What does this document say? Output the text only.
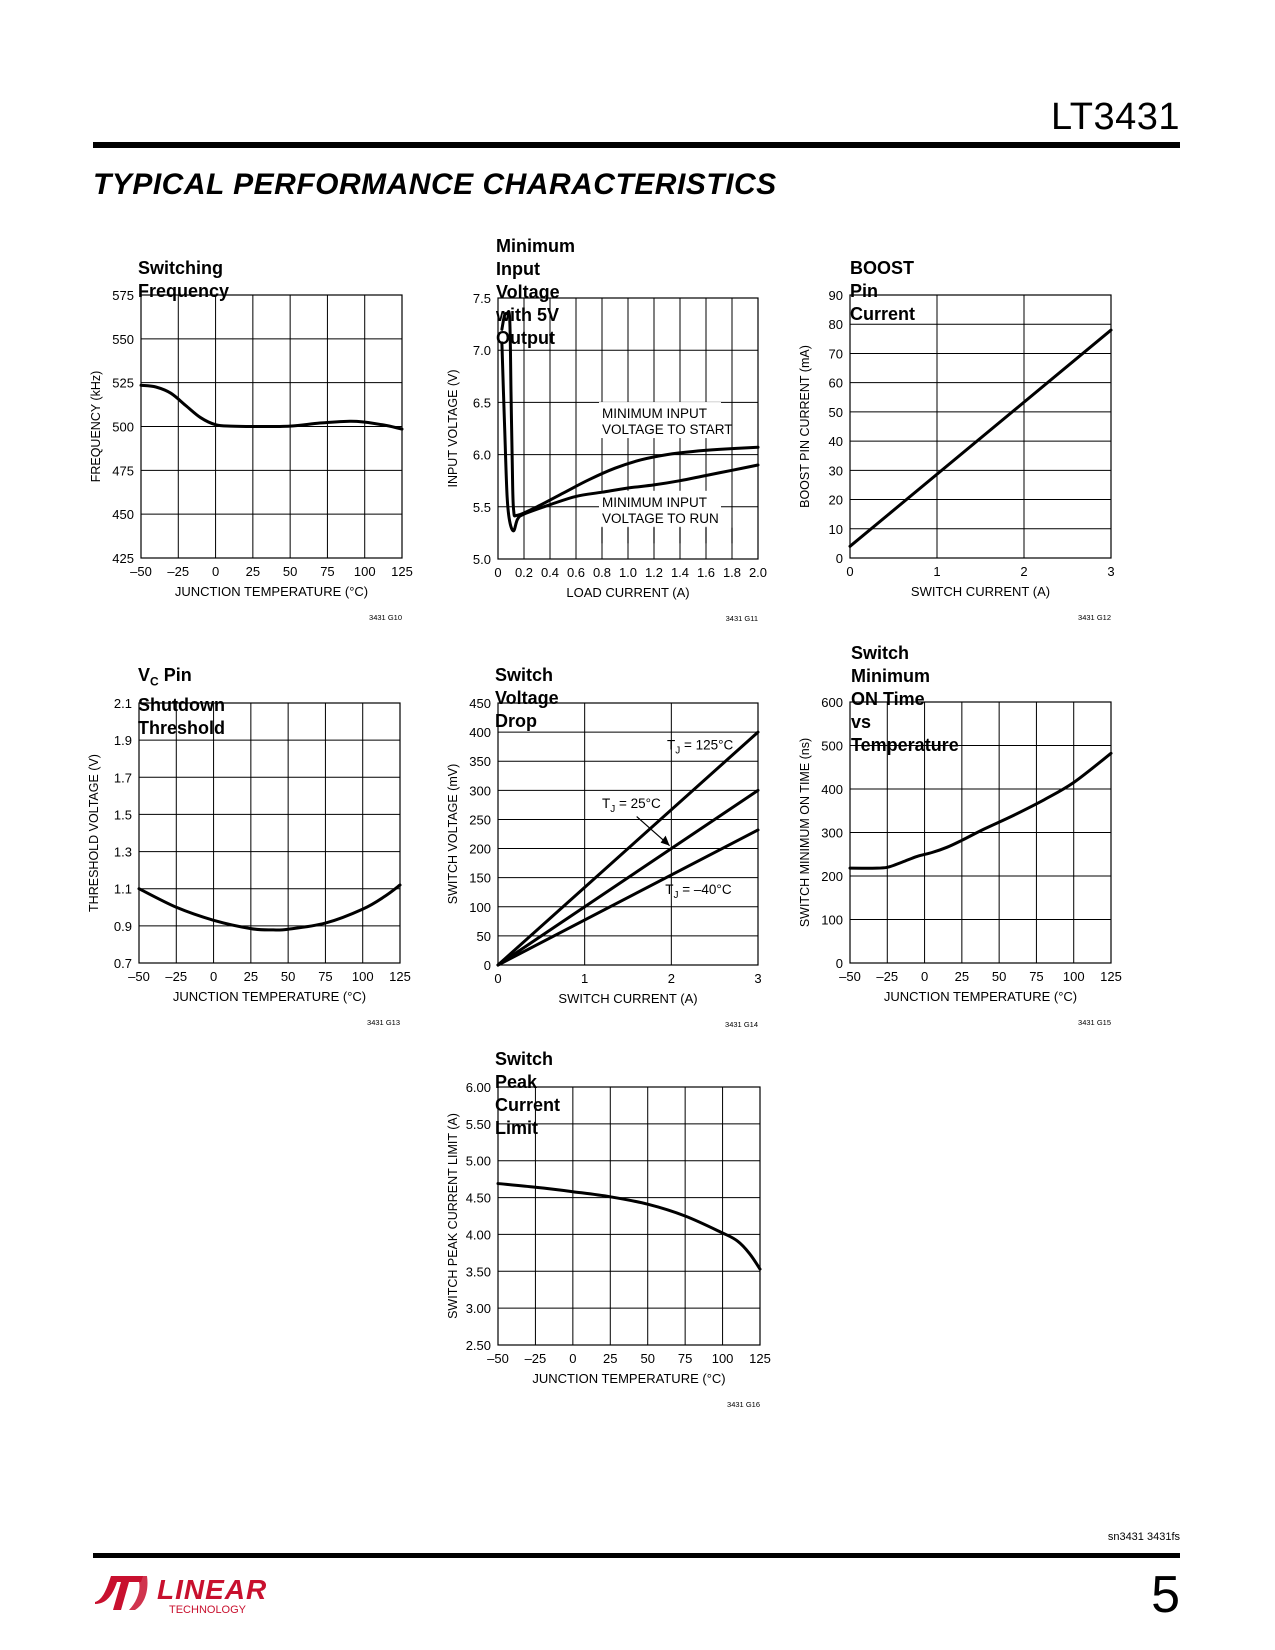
LT3431
TYPICAL PERFORMANCE CHARACTERISTICS
Switching Frequency
–50 –25 0 25 50 75 100 125
425
450
475
500
525
550
575
JUNCTION TEMPERATURE (°C)
FREQUENCY (kHz)
3431 G10
Minimum Input Voltage
with 5V Output
0 0.2 0.4 0.6 0.8 1.0 1.2 1.4 1.6 1.8 2.0
5.0
5.5
6.0
6.5
7.0
7.5
LOAD CURRENT (A)
INPUT VOLTAGE (V)
3431 G11
MINIMUM INPUT
VOLTAGE TO START
MINIMUM INPUT
VOLTAGE TO RUN
BOOST Pin Current
0	1	2	3
0
10
20
30
40
50
60
70
80
90
SWITCH CURRENT (A)
BOOST PIN CURRENT (mA)
3431 G12
$V_C$ Pin Shutdown Threshold
–50 –25 0 25 50 75 100 125
0.7
0.9
1.1
1.3
1.5
1.7
1.9
2.1
JUNCTION TEMPERATURE (°C)
THRESHOLD VOLTAGE (V)
3431 G13
Switch Voltage Drop
0	1	2	3
0
50
100
150
200
250
300
350
400
450
SWITCH CURRENT (A)
SWITCH VOLTAGE (mV)
3431 G14
$T_J = 125^\circ C$
$T_J = 25^\circ C$
$T_J = -40^\circ C$
Switch Minimum ON Time
vs Temperature
–50 –25 0 25 50 75 100 125
0
100
200
300
400
500
600
JUNCTION TEMPERATURE (°C)
SWITCH MINIMUM ON TIME (ns)
3431 G15
Switch Peak Current Limit
–50 –25 0 25 50 75 100 125
2.50
3.00
3.50
4.00
4.50
5.00
5.50
6.00
JUNCTION TEMPERATURE (°C)
SWITCH PEAK CURRENT LIMIT (A)
3431 G16
sn3431 3431fs
LINEAR
TECHNOLOGY	5
